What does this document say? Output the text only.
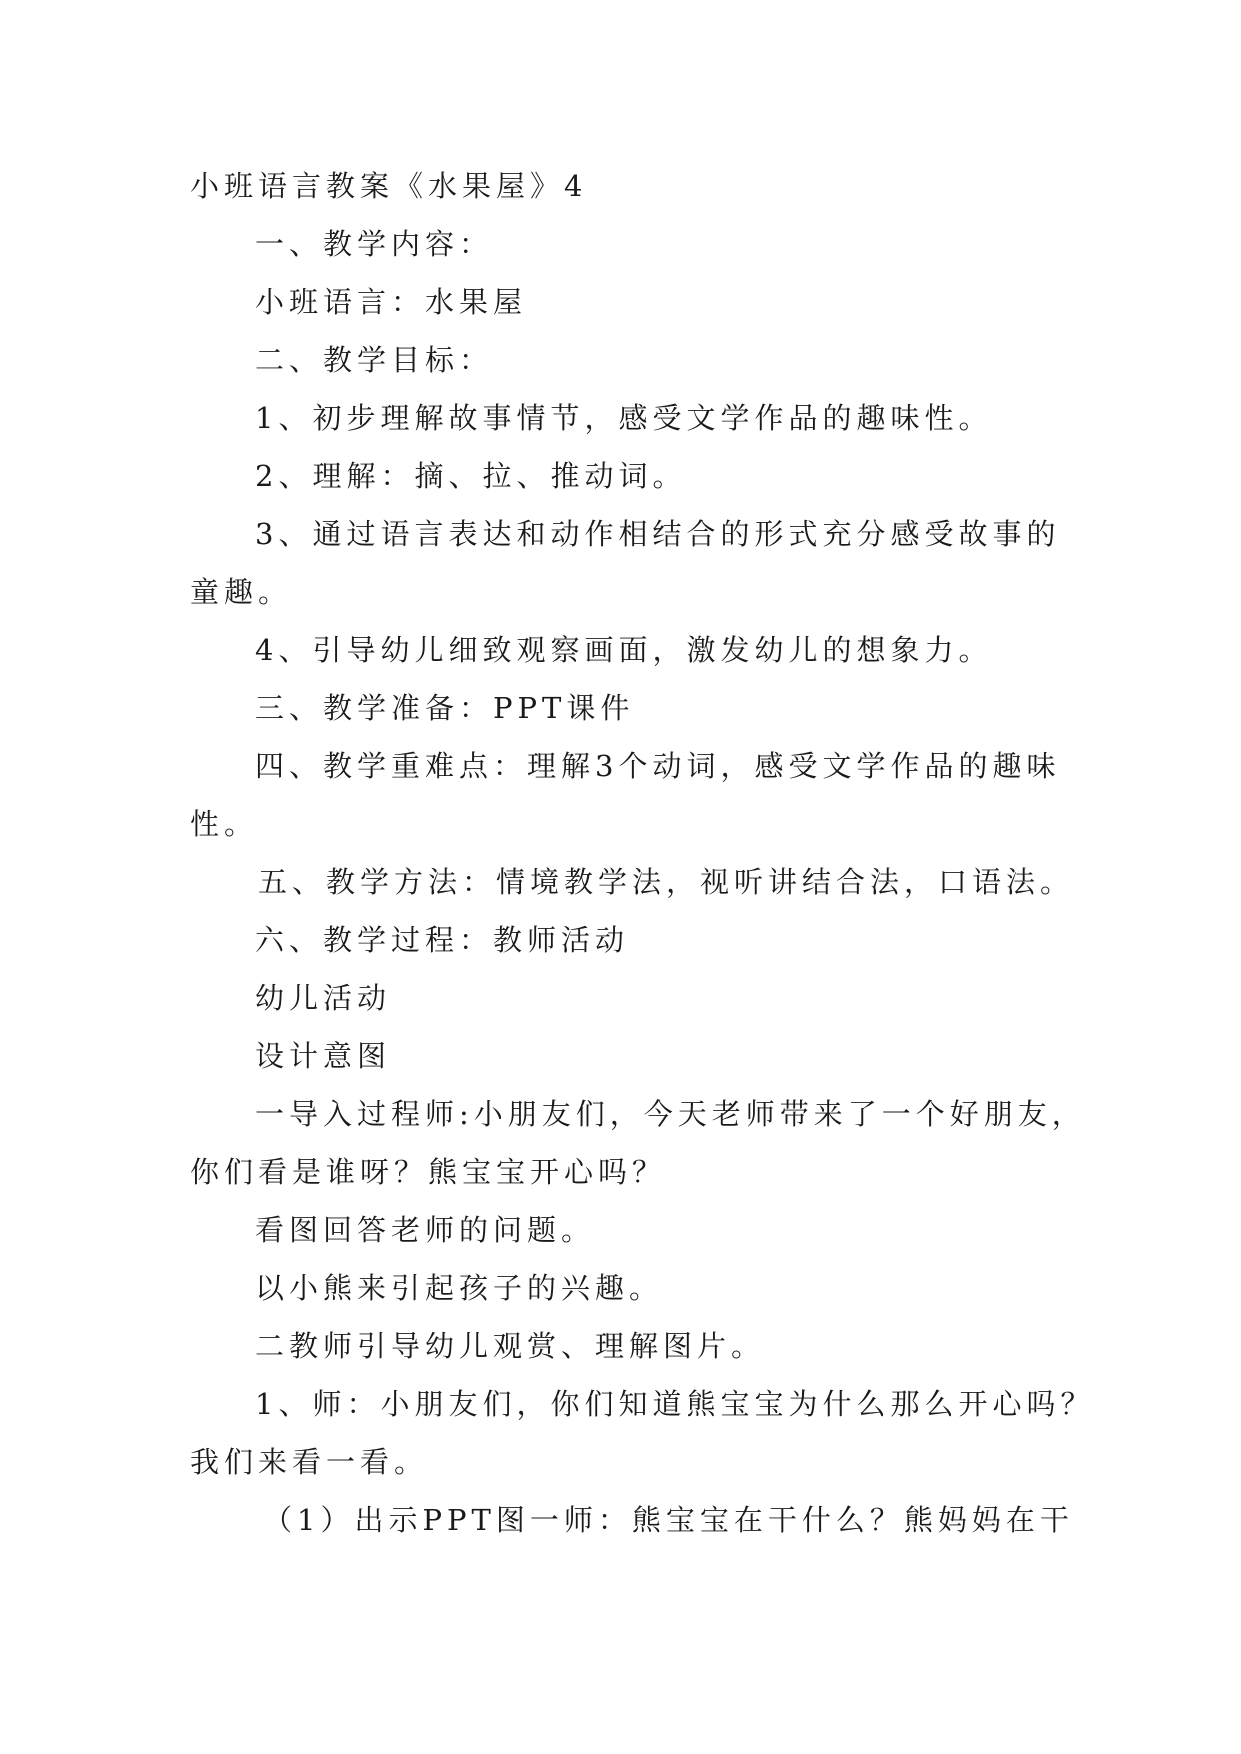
小班语言教案《水果屋》4

一、教学内容：

小班语言：水果屋

二、教学目标：

1、初步理解故事情节，感受文学作品的趣味性。

2、理解：摘、拉、推动词。

3、通过语言表达和动作相结合的形式充分感受故事的

童趣。

4、引导幼儿细致观察画面，激发幼儿的想象力。

三、教学准备：PPT课件

四、教学重难点：理解3个动词，感受文学作品的趣味

性。

五、教学方法：情境教学法，视听讲结合法，口语法。

六、教学过程：教师活动

幼儿活动

设计意图

一导入过程师:小朋友们，今天老师带来了一个好朋友，

你们看是谁呀？熊宝宝开心吗？

看图回答老师的问题。

以小熊来引起孩子的兴趣。

二教师引导幼儿观赏、理解图片。

1、师：小朋友们，你们知道熊宝宝为什么那么开心吗？

我们来看一看。

（1）出示PPT图一师：熊宝宝在干什么？熊妈妈在干
